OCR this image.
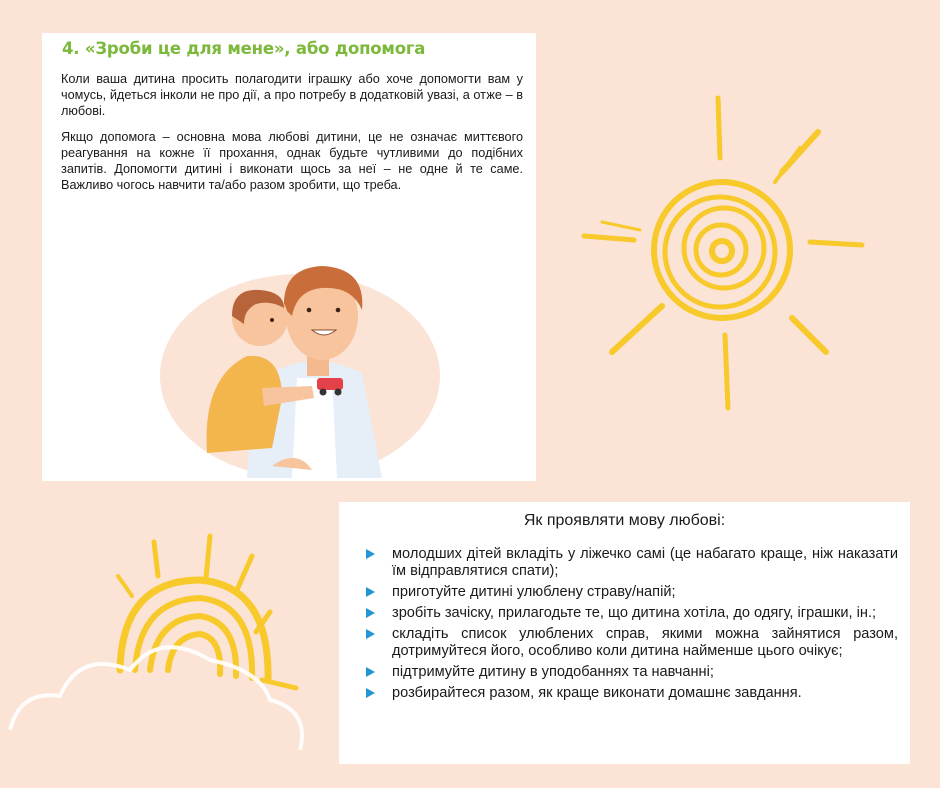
4. «Зроби це для мене», або допомога

Коли ваша дитина просить полагодити іграшку або хоче допомогти вам у чомусь, йдеться інколи не про дії, а про потребу в додатковій увазі, а отже – в любові.

Якщо допомога – основна мова любові дитини, це не означає миттєвого реагування на кожне її прохання, однак будьте чутливими до подібних запитів. Допомогти дитині і виконати щось за неї – не одне й те саме. Важливо чогось навчити та/або разом зробити, що треба.

Як проявляти мову любові:
молодших дітей вкладіть у ліжечко самі (це набагато краще, ніж наказати їм відправлятися спати);
приготуйте дитині улюблену страву/напій;
зробіть зачіску, прилагодьте те, що дитина хотіла, до одягу, іграшки, ін.;
складіть список улюблених справ, якими можна зайнятися разом, дотримуйтеся його, особливо коли дитина найменше цього очікує;
підтримуйте дитину в уподобаннях та навчанні;
розбирайтеся разом, як краще виконати домашнє завдання.
